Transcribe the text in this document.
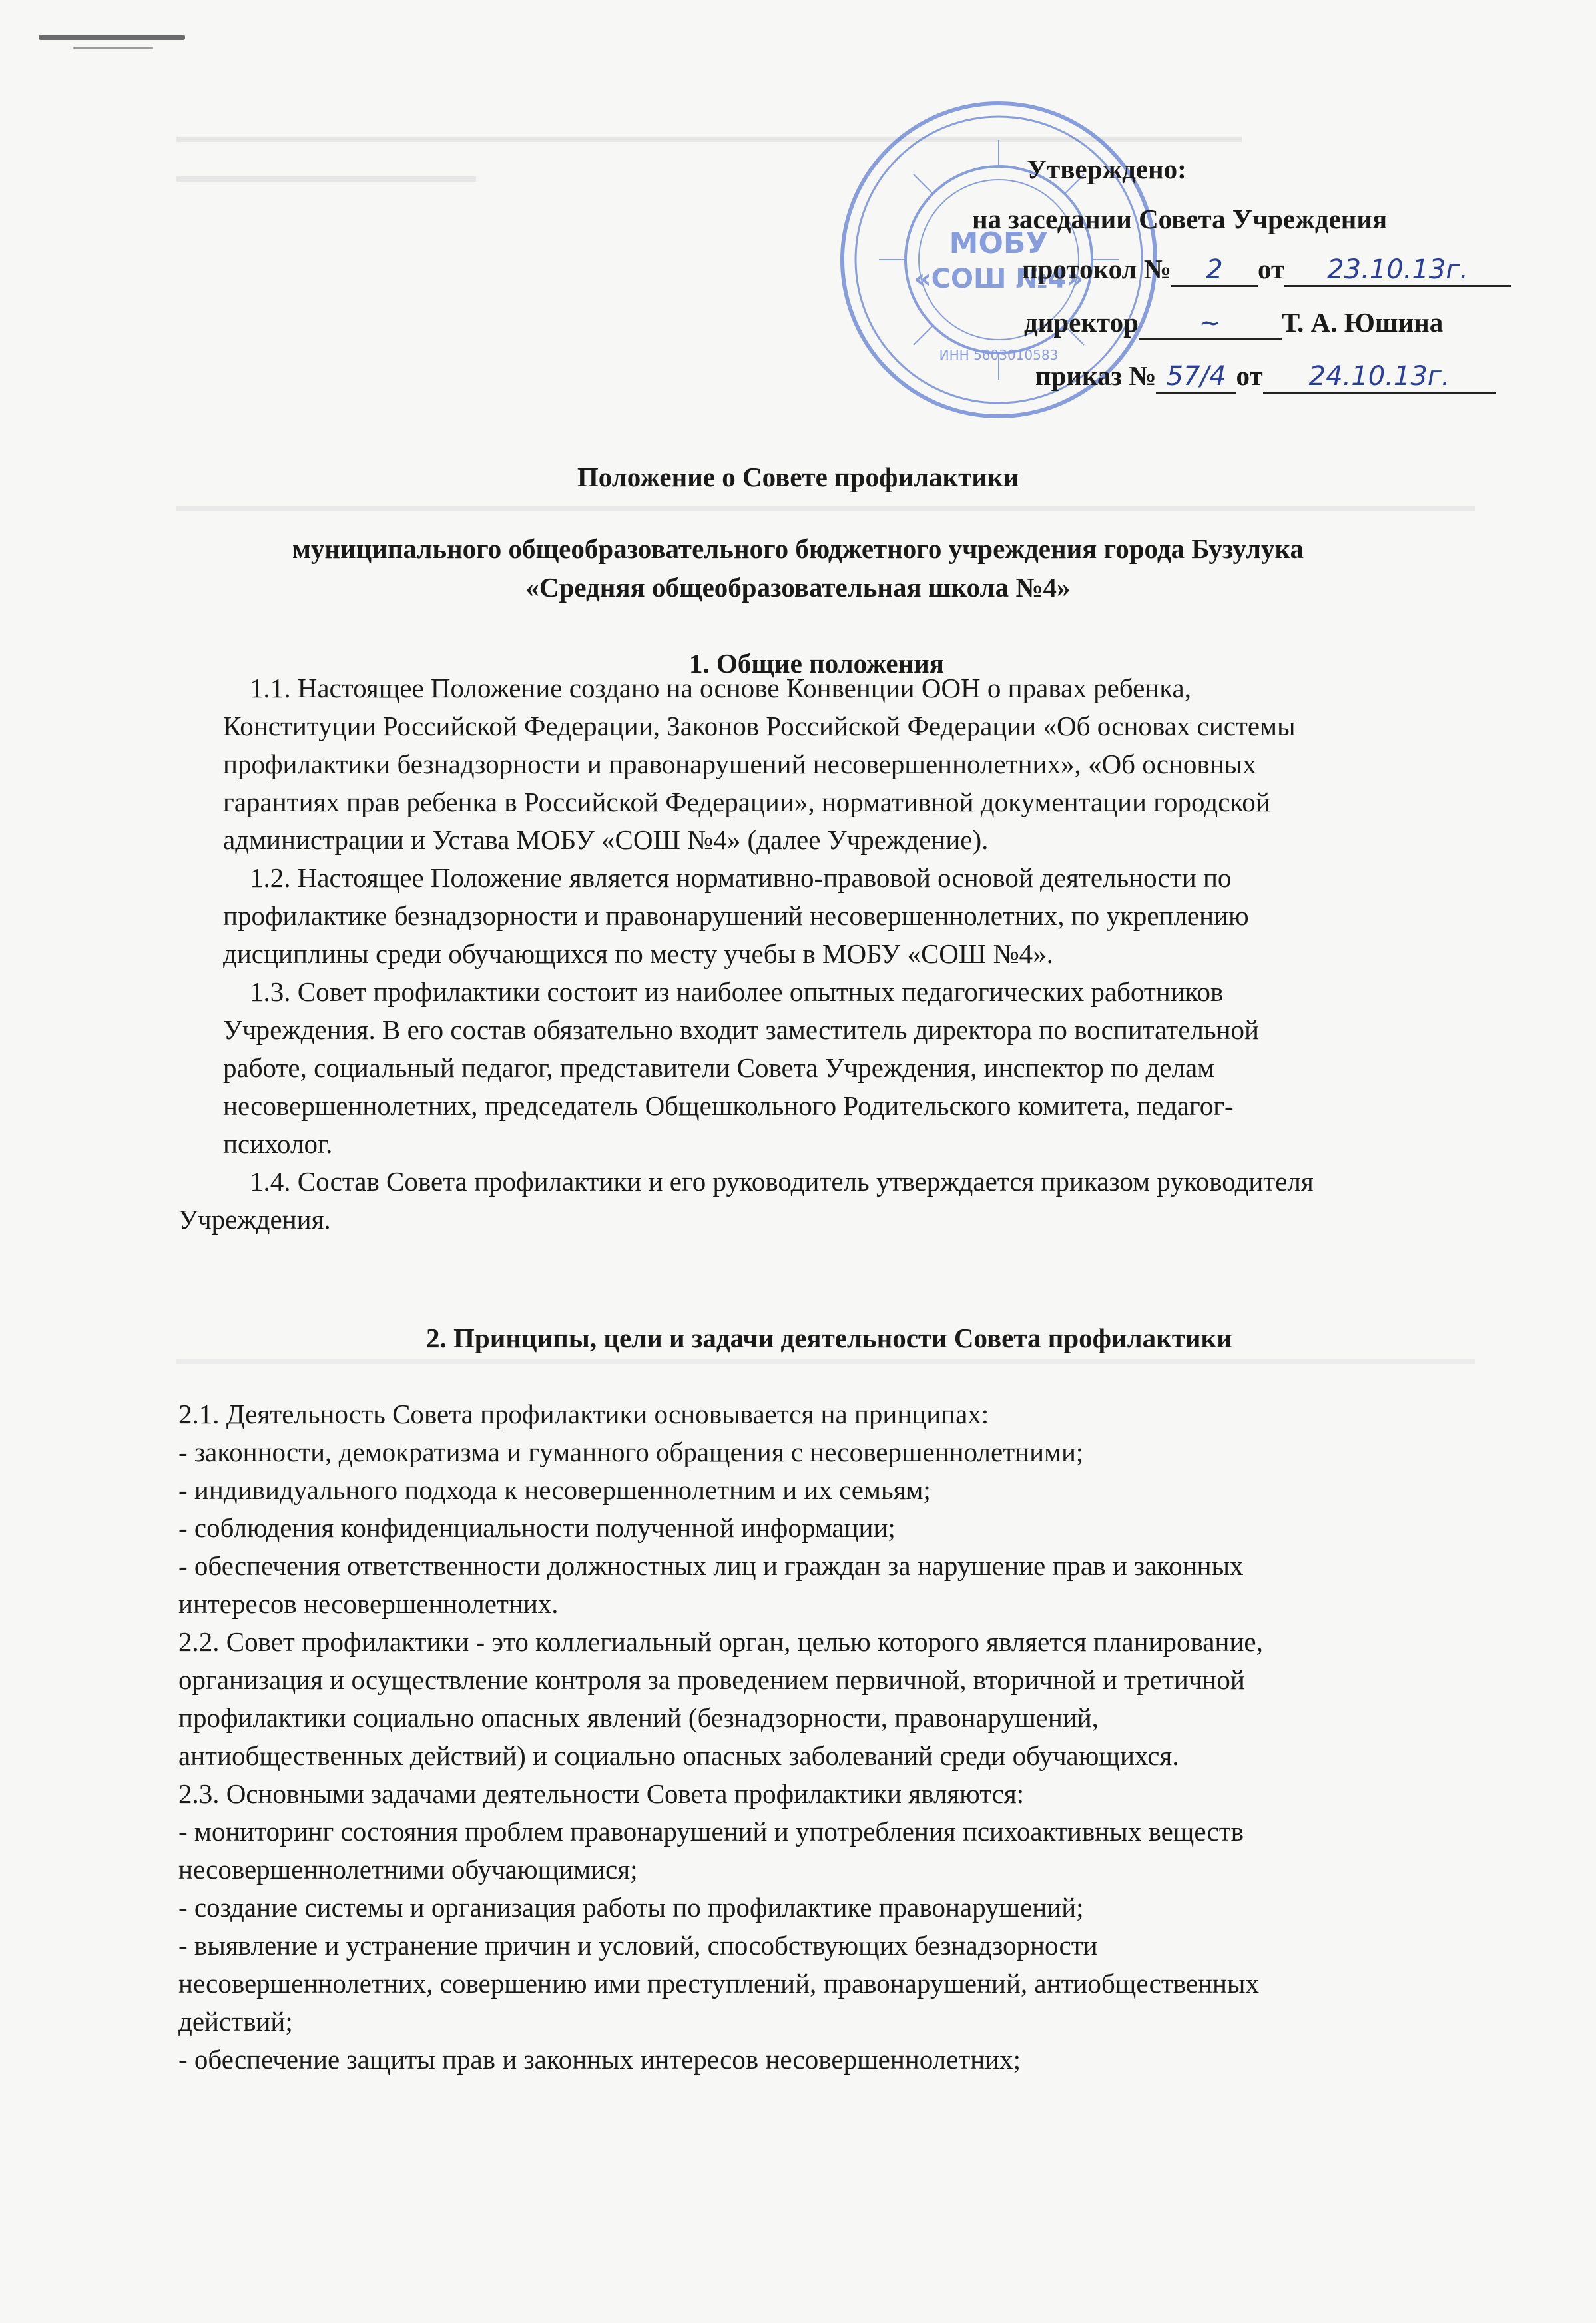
МОБУ
«СОШ №4»
ИНН 5603010583
Утверждено:
на заседании Совета Учреждения
протокол № 2 от 23.10.13г.
директор ~ Т. А. Юшина
приказ № 57/4 от 24.10.13г.
Положение о Совете профилактики
муниципального общеобразовательного бюджетного учреждения города Бузулука
«Средняя общеобразовательная школа №4»
1. Общие положения
1.1. Настоящее Положение создано на основе Конвенции ООН о правах ребенка,
Конституции Российской Федерации, Законов Российской Федерации «Об основах системы
профилактики безнадзорности и правонарушений несовершеннолетних», «Об основных
гарантиях прав ребенка в Российской Федерации», нормативной документации городской
администрации и Устава МОБУ «СОШ №4» (далее Учреждение).
1.2. Настоящее Положение является нормативно-правовой основой деятельности по
профилактике безнадзорности и правонарушений несовершеннолетних, по укреплению
дисциплины среди обучающихся по месту учебы в МОБУ «СОШ №4».
1.3. Совет профилактики состоит из наиболее опытных педагогических работников
Учреждения. В его состав обязательно входит заместитель директора по воспитательной
работе, социальный педагог, представители Совета Учреждения, инспектор по делам
несовершеннолетних, председатель Общешкольного Родительского комитета, педагог-
психолог.
1.4. Состав Совета профилактики и его руководитель утверждается приказом руководителя
Учреждения.
2. Принципы, цели и задачи деятельности Совета профилактики
2.1. Деятельность Совета профилактики основывается на принципах:
- законности, демократизма и гуманного обращения с несовершеннолетними;
- индивидуального подхода к несовершеннолетним и их семьям;
- соблюдения конфиденциальности полученной информации;
- обеспечения ответственности должностных лиц и граждан за нарушение прав и законных
интересов несовершеннолетних.
2.2. Совет профилактики - это коллегиальный орган, целью которого является планирование,
организация и осуществление контроля за проведением первичной, вторичной и третичной
профилактики социально опасных явлений (безнадзорности, правонарушений,
антиобщественных действий) и социально опасных заболеваний среди обучающихся.
2.3. Основными задачами деятельности Совета профилактики являются:
- мониторинг состояния проблем правонарушений и употребления психоактивных веществ
несовершеннолетними обучающимися;
- создание системы и организация работы по профилактике правонарушений;
- выявление и устранение причин и условий, способствующих безнадзорности
несовершеннолетних, совершению ими преступлений, правонарушений, антиобщественных
действий;
- обеспечение защиты прав и законных интересов несовершеннолетних;
